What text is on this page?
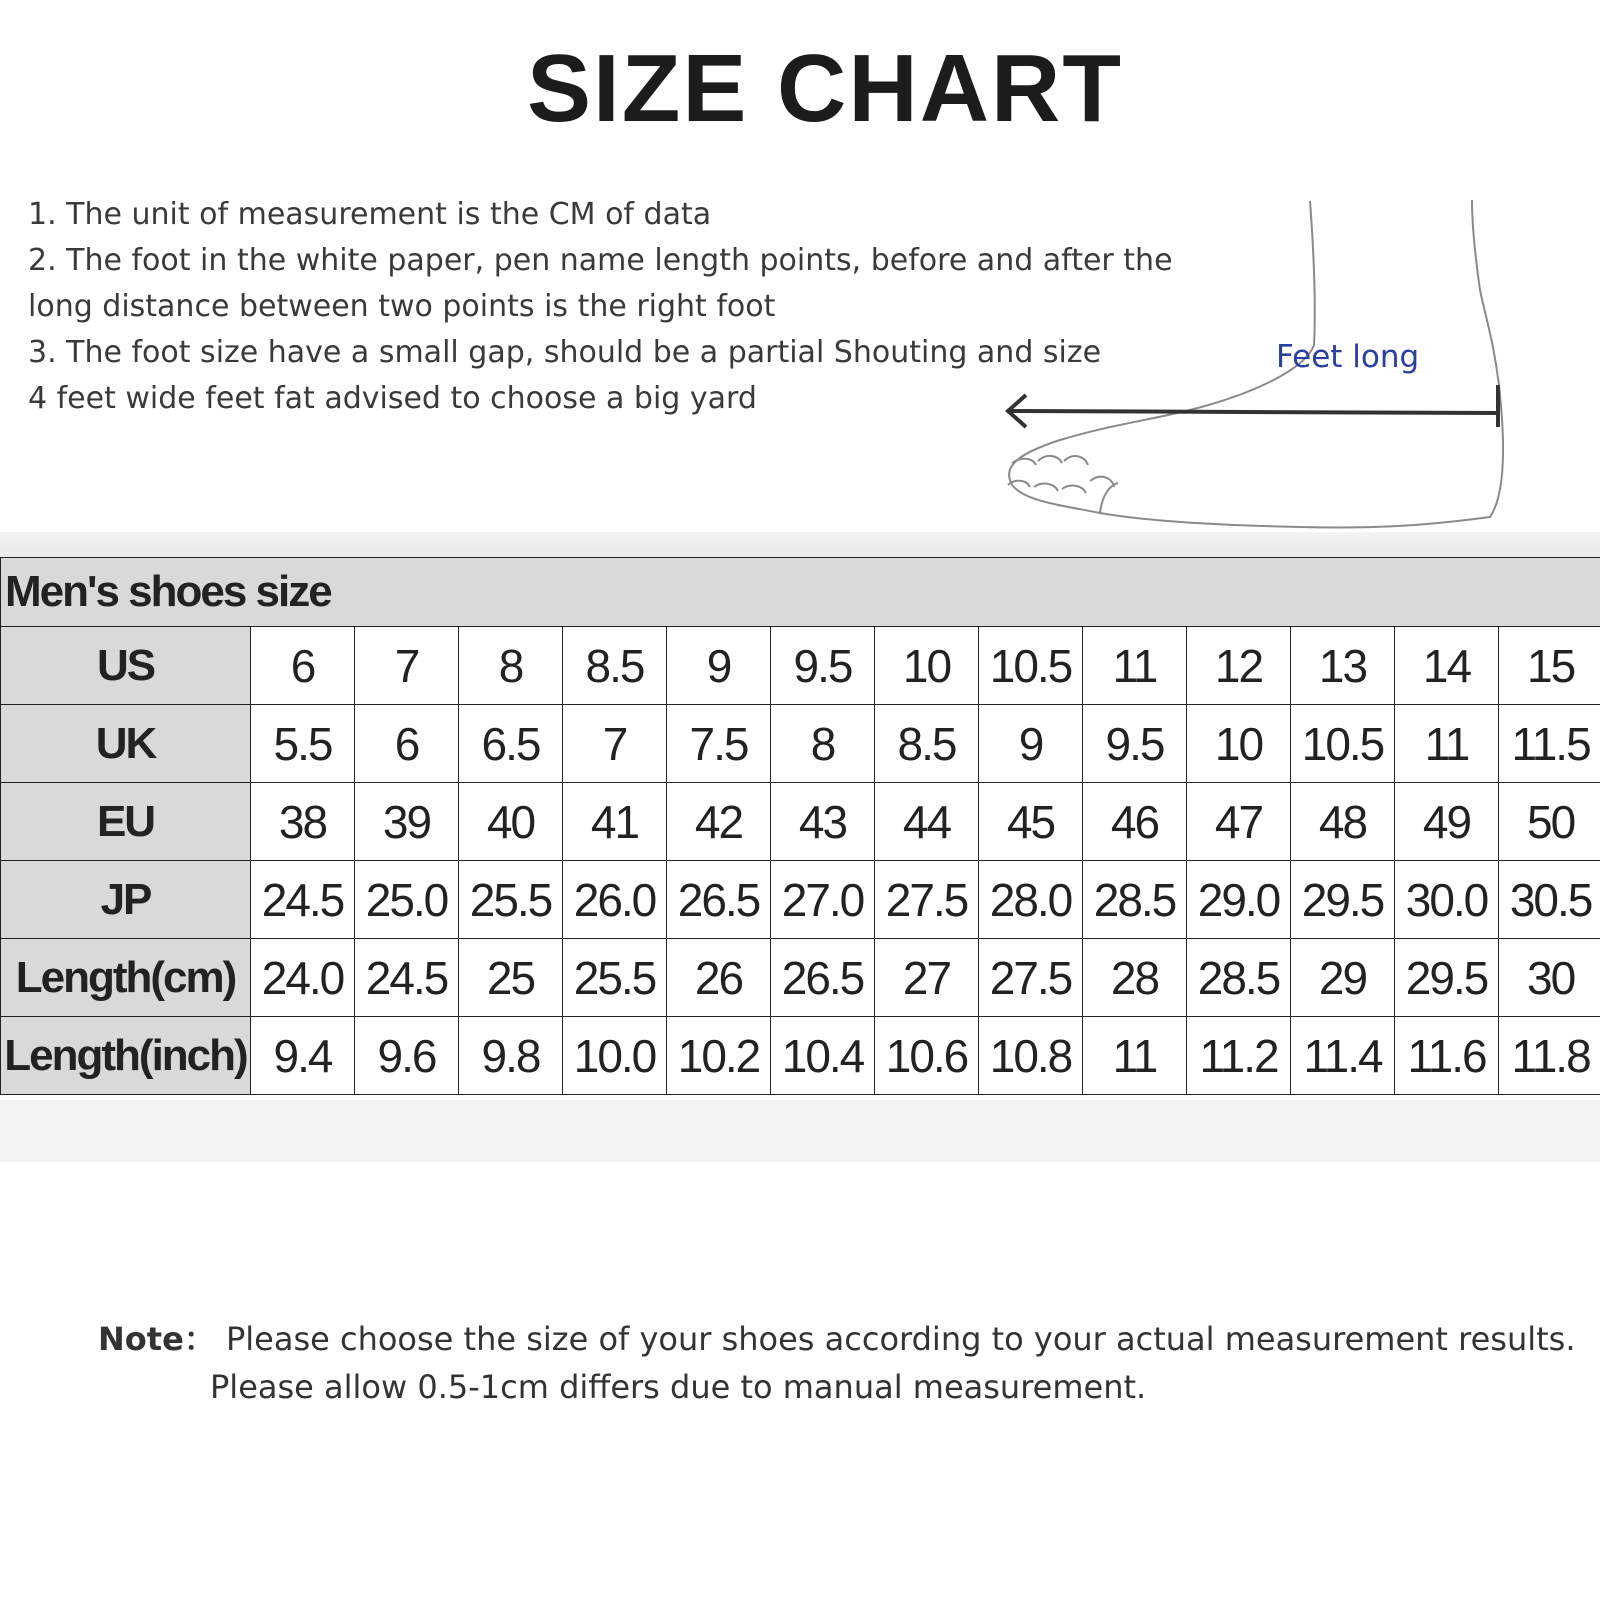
SIZE CHART
1. The unit of measurement is the CM of data
2. The foot in the white paper, pen name length points, before and after the
long distance between two points is the right foot
3. The foot size have a small gap, should be a partial Shouting and size
4 feet wide feet fat advised to choose a big yard
Feet long
Men's shoes size													
US	6	7	8	8.5	9	9.5	10	10.5	11	12	13	14	15
UK	5.5	6	6.5	7	7.5	8	8.5	9	9.5	10	10.5	11	11.5
EU	38	39	40	41	42	43	44	45	46	47	48	49	50
JP	24.5	25.0	25.5	26.0	26.5	27.0	27.5	28.0	28.5	29.0	29.5	30.0	30.5
Length(cm)	24.0	24.5	25	25.5	26	26.5	27	27.5	28	28.5	29	29.5	30
Length(inch)	9.4	9.6	9.8	10.0	10.2	10.4	10.6	10.8	11	11.2	11.4	11.6	11.8
Note： Please choose the size of your shoes according to your actual measurement results.
Please allow 0.5-1cm differs due to manual measurement.
